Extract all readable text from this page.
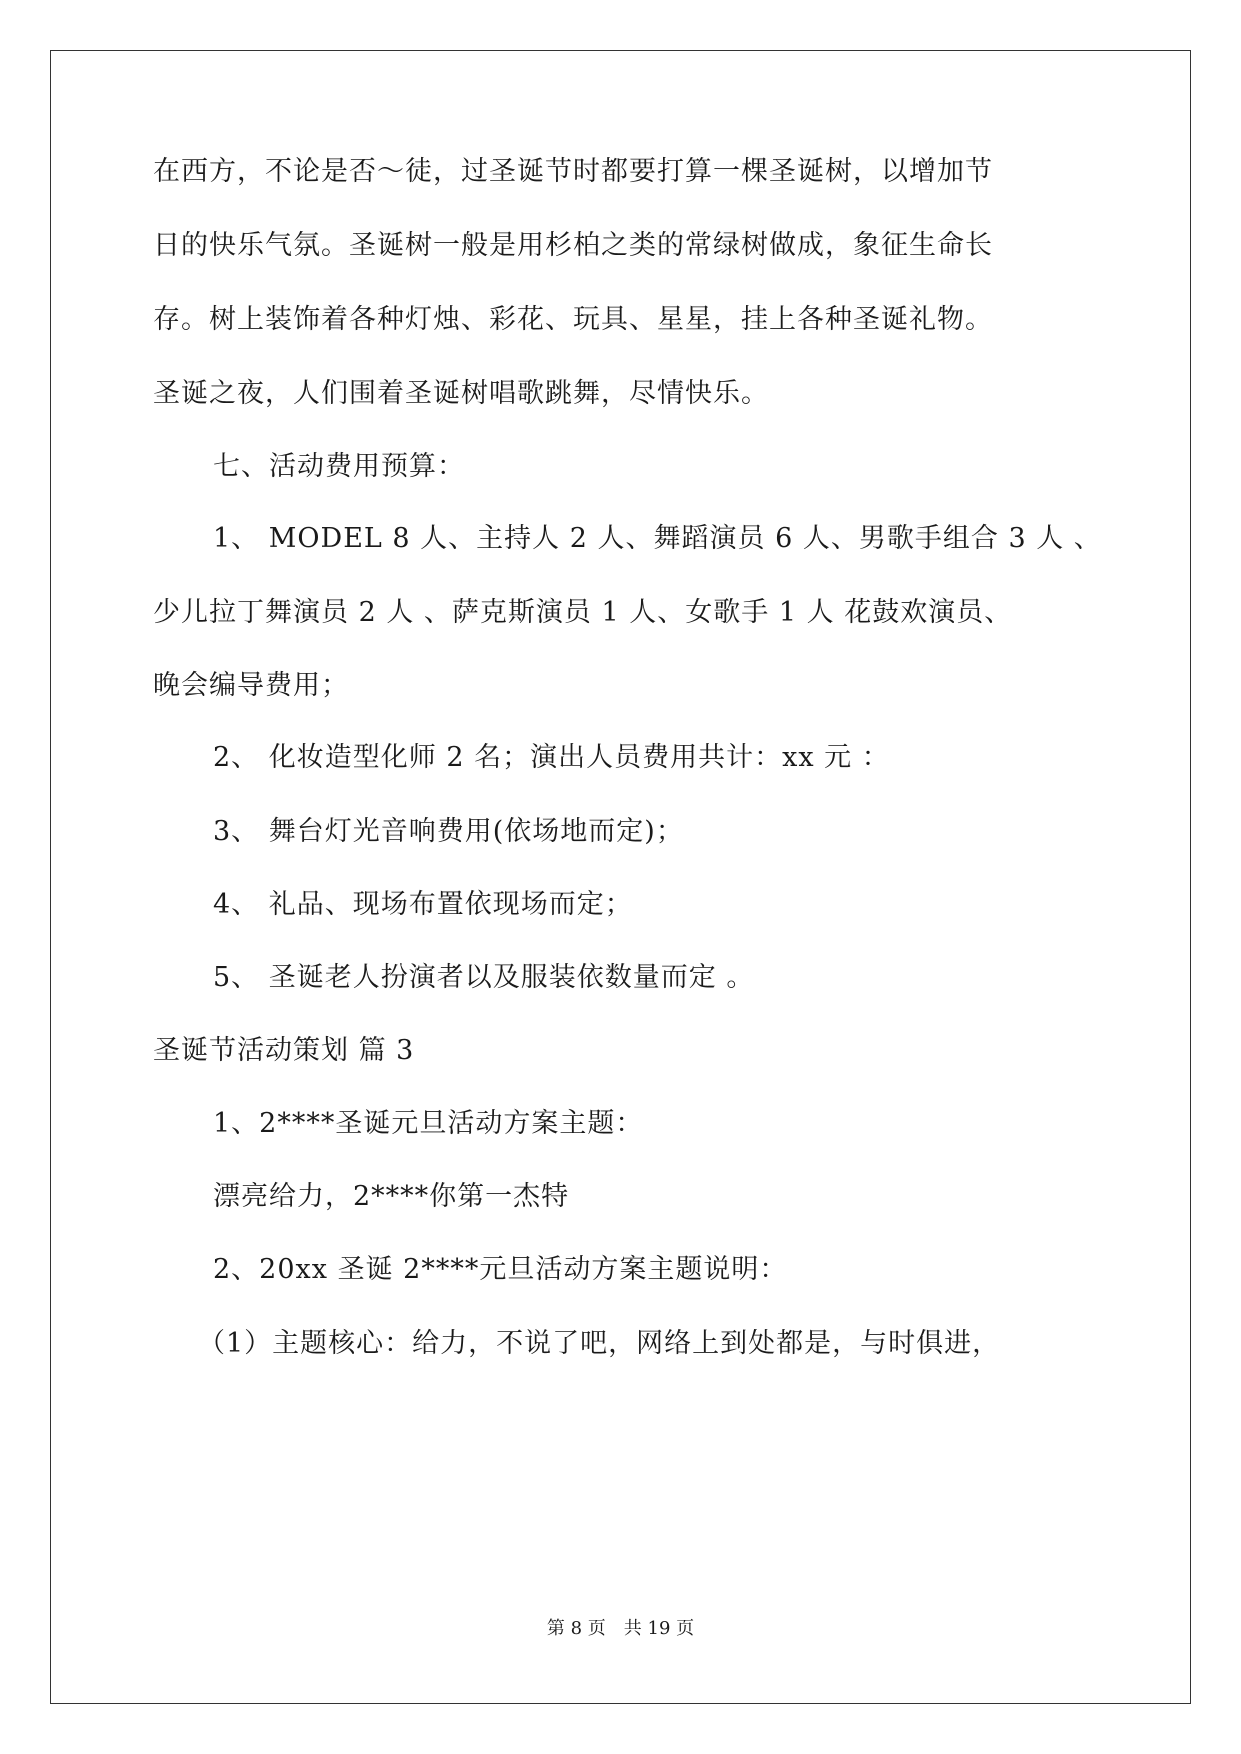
在西方，不论是否～徒，过圣诞节时都要打算一棵圣诞树，以增加节
日的快乐气氛。圣诞树一般是用杉柏之类的常绿树做成，象征生命长
存。树上装饰着各种灯烛、彩花、玩具、星星，挂上各种圣诞礼物。
圣诞之夜，人们围着圣诞树唱歌跳舞，尽情快乐。
七、活动费用预算：
1、 MODEL 8 人、主持人 2 人、舞蹈演员 6 人、男歌手组合 3 人 、
少儿拉丁舞演员 2 人 、萨克斯演员 1 人、女歌手 1 人 花鼓欢演员、
晚会编导费用；
2、 化妆造型化师 2 名；演出人员费用共计：xx 元 ：
3、 舞台灯光音响费用(依场地而定)；
4、 礼品、现场布置依现场而定；
5、 圣诞老人扮演者以及服装依数量而定 。
圣诞节活动策划 篇 3
1、2****圣诞元旦活动方案主题：
漂亮给力，2****你第一杰特
2、20xx 圣诞 2****元旦活动方案主题说明：
（1）主题核心：给力，不说了吧，网络上到处都是，与时俱进，
第 8 页　共 19 页
